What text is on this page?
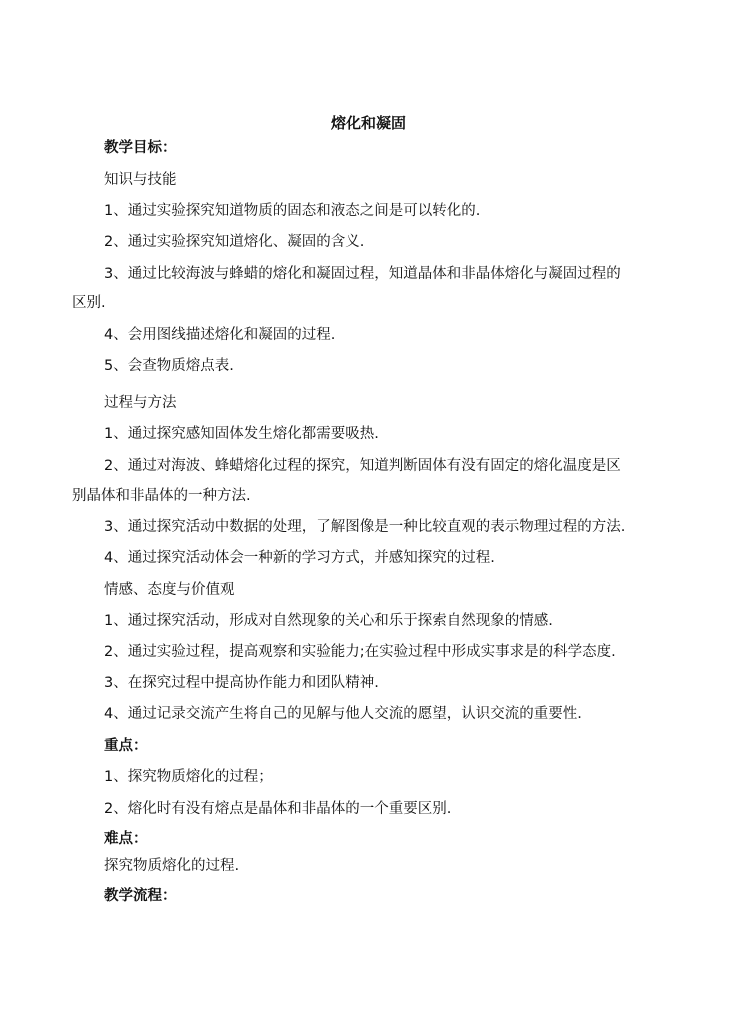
熔化和凝固
教学目标：
知识与技能
1、通过实验探究知道物质的固态和液态之间是可以转化的.
2、通过实验探究知道熔化、凝固的含义.
3、通过比较海波与蜂蜡的熔化和凝固过程，知道晶体和非晶体熔化与凝固过程的
区别.
4、会用图线描述熔化和凝固的过程.
5、会查物质熔点表.
过程与方法
1、通过探究感知固体发生熔化都需要吸热.
2、通过对海波、蜂蜡熔化过程的探究，知道判断固体有没有固定的熔化温度是区
别晶体和非晶体的一种方法.
3、通过探究活动中数据的处理，了解图像是一种比较直观的表示物理过程的方法.
4、通过探究活动体会一种新的学习方式，并感知探究的过程.
情感、态度与价值观
1、通过探究活动，形成对自然现象的关心和乐于探索自然现象的情感.
2、通过实验过程，提高观察和实验能力;在实验过程中形成实事求是的科学态度.
3、在探究过程中提高协作能力和团队精神.
4、通过记录交流产生将自己的见解与他人交流的愿望，认识交流的重要性.
重点：
1、探究物质熔化的过程；
2、熔化时有没有熔点是晶体和非晶体的一个重要区别.
难点：
探究物质熔化的过程.
教学流程：
